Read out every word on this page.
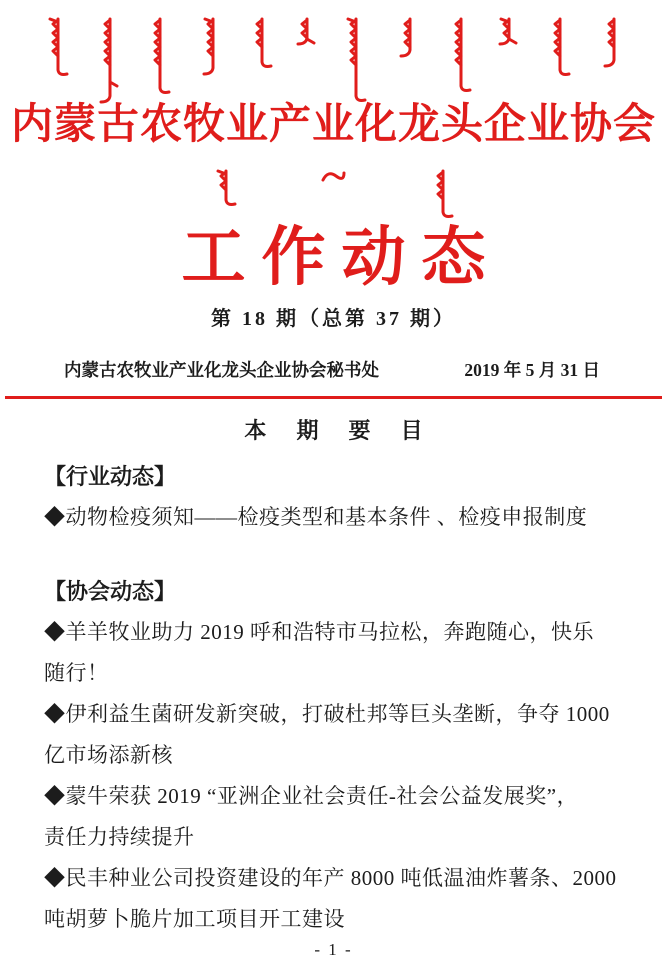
内蒙古农牧业产业化龙头企业协会
工作动态
第 18 期（总第 37 期）
内蒙古农牧业产业化龙头企业协会秘书处	2019 年 5 月 31 日
本 期 要 目
【行业动态】
◆动物检疫须知——检疫类型和基本条件 、检疫申报制度
【协会动态】
◆羊羊牧业助力 2019 呼和浩特市马拉松，奔跑随心，快乐
随行！
◆伊利益生菌研发新突破，打破杜邦等巨头垄断，争夺 1000
亿市场添新核
◆蒙牛荣获 2019 “亚洲企业社会责任-社会公益发展奖”，
责任力持续提升
◆民丰种业公司投资建设的年产 8000 吨低温油炸薯条、2000
吨胡萝卜脆片加工项目开工建设
- 1 -
